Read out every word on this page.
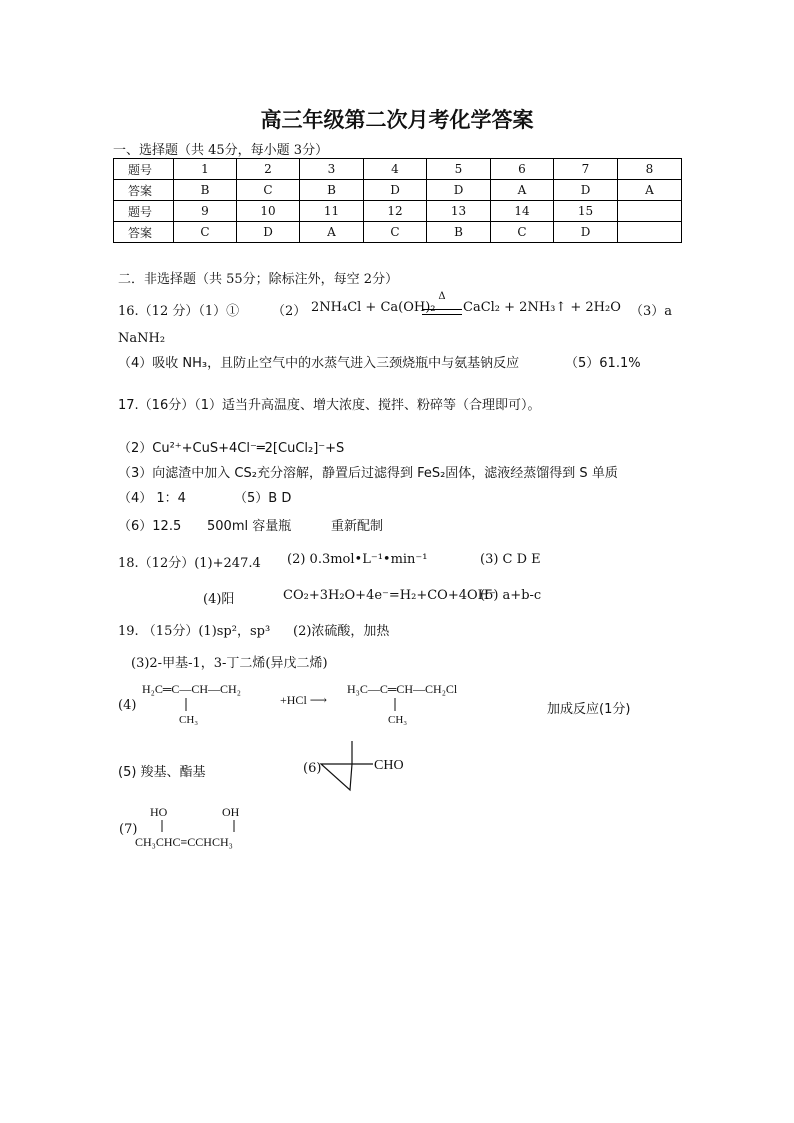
高三年级第二次月考化学答案
一、选择题（共 45分，每小题 3分）
题号	1	2	3	4	5	6	7	8
答案	B	C	B	D	D	A	D	A
题号	9	10	11	12	13	14	15	
答案	C	D	A	C	B	C	D	
二．非选择题（共 55分；除标注外，每空 2分）
16.（12 分）（1）①	（2） 2NH₄Cl + Ca(OH)₂
Δ
CaCl₂ + 2NH₃↑ + 2H₂O （3）a
NaNH₂
（4）吸收 NH₃，且防止空气中的水蒸气进入三颈烧瓶中与氨基钠反应	（5）61.1%
17.（16分）（1）适当升高温度、增大浓度、搅拌、粉碎等（合理即可）。
（2）Cu²⁺+CuS+4Cl⁻═2[CuCl₂]⁻+S
（3）向滤渣中加入 CS₂充分溶解，静置后过滤得到 FeS₂固体，滤液经蒸馏得到 S 单质
（4） 1：4	（5）B D
（6）12.5 500ml 容量瓶	重新配制
18.（12分）(1)+247.4 (2) 0.3mol•L⁻¹•min⁻¹	(3) C D E
(4)阳	CO₂+3H₂O+4e⁻=H₂+CO+4OH⁻
(5) a+b-c
19. （15分）(1)sp²，sp³ (2)浓硫酸，加热
(3)2-甲基-1，3-丁二烯(异戊二烯)
(4)
H₂C═C—CH—CH₂
CH₃
+HCl ⟶
H₃C—C═CH—CH₂Cl
CH₃
加成反应(1分)
(5) 羧基、酯基	(6)	CHO
(7)
HO	OH
CH₃CHC≡CCHCH₃
